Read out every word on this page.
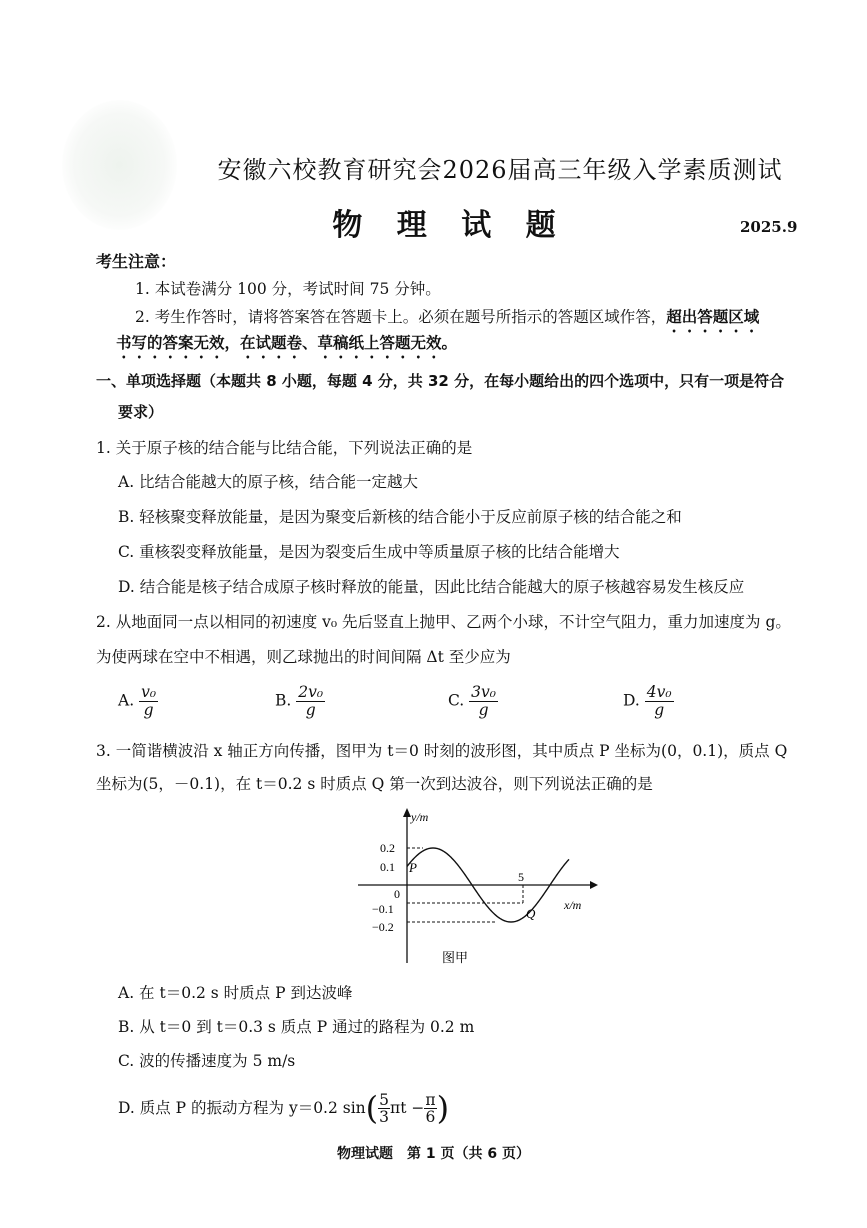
安徽六校教育研究会2026届高三年级入学素质测试
物 理 试 题	2025.9
考生注意：
1. 本试卷满分 100 分，考试时间 75 分钟。
2. 考生作答时，请将答案答在答题卡上。必须在题号所指示的答题区域作答，超出答题区域
书写的答案无效，在试题卷、草稿纸上答题无效。
一、单项选择题（本题共 8 小题，每题 4 分，共 32 分，在每小题给出的四个选项中，只有一项是符合
要求）
1. 关于原子核的结合能与比结合能，下列说法正确的是
A. 比结合能越大的原子核，结合能一定越大
B. 轻核聚变释放能量，是因为聚变后新核的结合能小于反应前原子核的结合能之和
C. 重核裂变释放能量，是因为裂变后生成中等质量原子核的比结合能增大
D. 结合能是核子结合成原子核时释放的能量，因此比结合能越大的原子核越容易发生核反应
2. 从地面同一点以相同的初速度 v₀ 先后竖直上抛甲、乙两个小球，不计空气阻力，重力加速度为 g。
为使两球在空中不相遇，则乙球抛出的时间间隔 Δt 至少应为
A. $\frac{\text{v₀}}{g}$	B. $\frac{\text{2v₀}}{g}$	C. $\frac{\text{3v₀}}{g}$	D. $\frac{\text{4v₀}}{g}$
3. 一简谐横波沿 x 轴正方向传播，图甲为 t＝0 时刻的波形图，其中质点 P 坐标为(0，0.1)，质点 Q
坐标为(5，－0.1)，在 t＝0.2 s 时质点 Q 第一次到达波谷，则下列说法正确的是
y/m
x/m
0.2
0.1
0
−0.1
−0.2
5
P
Q
图甲
A. 在 t＝0.2 s 时质点 P 到达波峰
B. 从 t＝0 到 t＝0.3 s 质点 P 通过的路程为 0.2 m
C. 波的传播速度为 5 m/s
D. 质点 P 的振动方程为 y＝0.2 $\sin( \frac{5}{3}\pi t - \frac{\pi}{6})$
物理试题　第 1 页（共 6 页）
